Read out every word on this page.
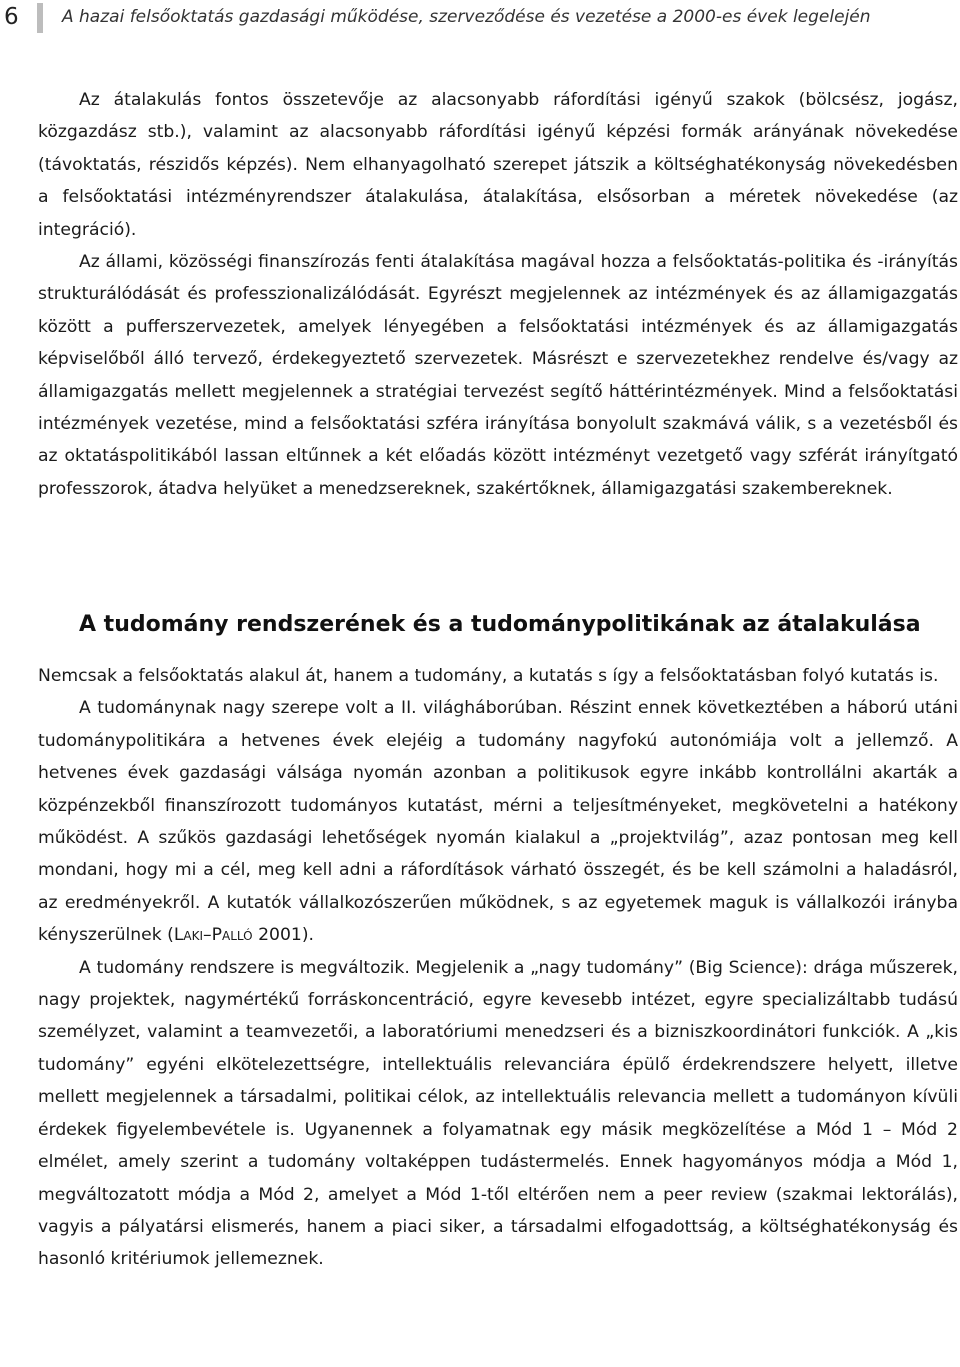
6	A hazai felsőoktatás gazdasági működése, szerveződése és vezetése a 2000-es évek legelején

Az átalakulás fontos összetevője az alacsonyabb ráfordítási igényű szakok (bölcsész, jogász, közgazdász stb.), valamint az alacsonyabb ráfordítási igényű képzési formák arányának növekedése (távoktatás, részidős képzés). Nem elhanyagolható szerepet játszik a költséghatékonyság növekedésben a felsőoktatási intézményrendszer átalakulása, átalakítása, elsősorban a méretek növekedése (az integráció).

Az állami, közösségi finanszírozás fenti átalakítása magával hozza a felsőoktatás-politika és -irányítás strukturálódását és professzionalizálódását. Egyrészt megjelennek az intézmények és az államigazgatás között a pufferszervezetek, amelyek lényegében a felsőoktatási intézmények és az államigazgatás képviselőből álló tervező, érdekegyeztető szervezetek. Másrészt e szervezetekhez rendelve és/vagy az államigazgatás mellett megjelennek a stratégiai tervezést segítő háttérintézmények. Mind a felsőoktatási intézmények vezetése, mind a felsőoktatási szféra irányítása bonyolult szakmává válik, s a vezetésből és az oktatáspolitikából lassan eltűnnek a két előadás között intézményt vezetgető vagy szférát irányítgató professzorok, átadva helyüket a menedzsereknek, szakértőknek, államigazgatási szakembereknek.

A tudomány rendszerének és a tudománypolitikának az átalakulása

Nemcsak a felsőoktatás alakul át, hanem a tudomány, a kutatás s így a felsőoktatásban folyó kutatás is.

A tudománynak nagy szerepe volt a II. világháborúban. Részint ennek következtében a háború utáni tudománypolitikára a hetvenes évek elejéig a tudomány nagyfokú autonómiája volt a jellemző. A hetvenes évek gazdasági válsága nyomán azonban a politikusok egyre inkább kontrollálni akarták a közpénzekből finanszírozott tudományos kutatást, mérni a teljesítményeket, megkövetelni a hatékony működést. A szűkös gazdasági lehetőségek nyomán kialakul a „projektvilág”, azaz pontosan meg kell mondani, hogy mi a cél, meg kell adni a ráfordítások várható összegét, és be kell számolni a haladásról, az eredményekről. A kutatók vállalkozószerűen működnek, s az egyetemek maguk is vállalkozói irányba kényszerülnek (Laki–Palló 2001).

A tudomány rendszere is megváltozik. Megjelenik a „nagy tudomány” (Big Science): drága műszerek, nagy projektek, nagymértékű forráskoncentráció, egyre kevesebb intézet, egyre specializáltabb tudású személyzet, valamint a teamvezetői, a laboratóriumi menedzseri és a bizniszkoordinátori funkciók. A „kis tudomány” egyéni elkötelezettségre, intellektuális relevanciára épülő érdekrendszere helyett, illetve mellett megjelennek a társadalmi, politikai célok, az intellektuális relevancia mellett a tudományon kívüli érdekek figyelembevétele is. Ugyanennek a folyamatnak egy másik megközelítése a Mód 1 – Mód 2 elmélet, amely szerint a tudomány voltaképpen tudástermelés. Ennek hagyományos módja a Mód 1, megváltozatott módja a Mód 2, amelyet a Mód 1-től eltérően nem a peer review (szakmai lektorálás), vagyis a pályatársi elismerés, hanem a piaci siker, a társadalmi elfogadottság, a költséghatékonyság és hasonló kritériumok jellemeznek.
